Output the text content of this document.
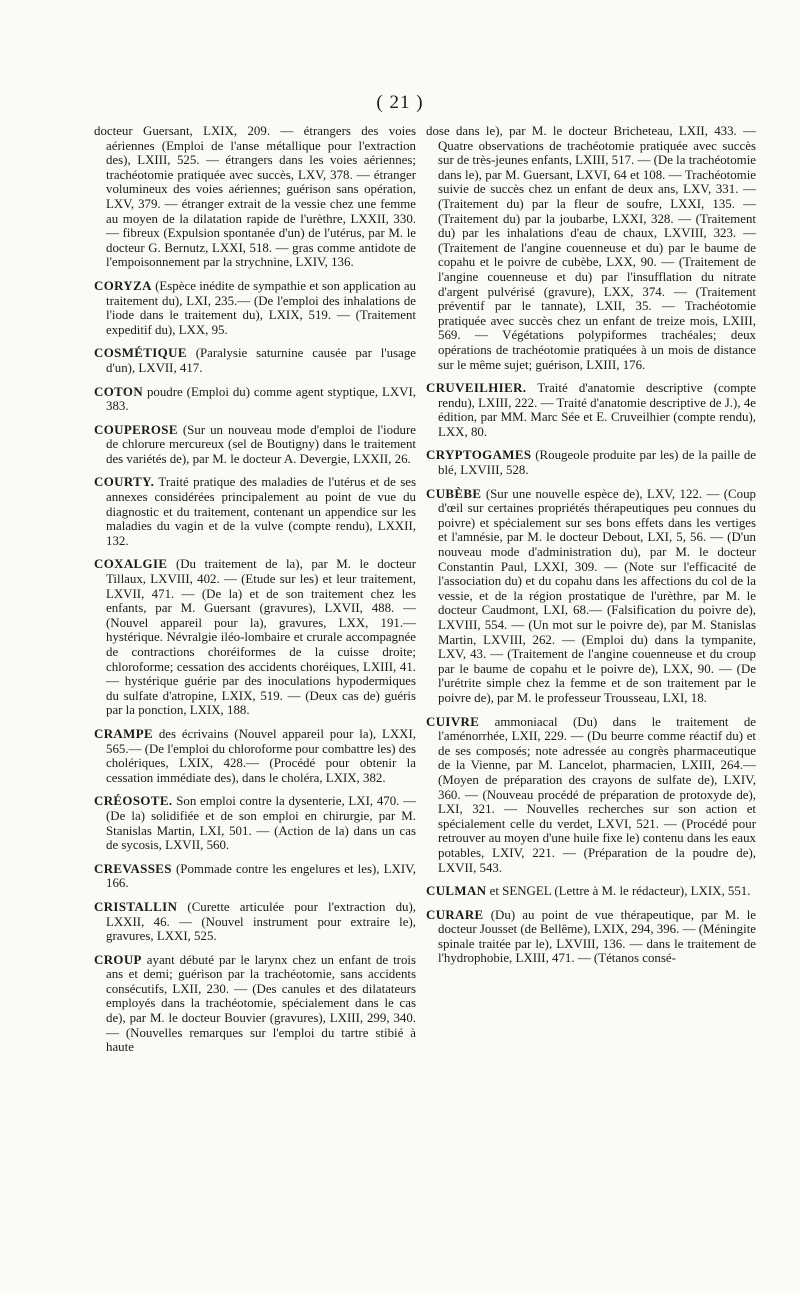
( 21 )

docteur Guersant, LXIX, 209. — étrangers des voies aériennes (Emploi de l'anse métallique pour l'extraction des), LXIII, 525. — étrangers dans les voies aériennes; trachéotomie pratiquée avec succès, LXV, 378. — étranger volumineux des voies aériennes; guérison sans opération, LXV, 379. — étranger extrait de la vessie chez une femme au moyen de la dilatation rapide de l'urèthre, LXXII, 330. — fibreux (Expulsion spontanée d'un) de l'utérus, par M. le docteur G. Bernutz, LXXI, 518. — gras comme antidote de l'empoisonnement par la strychnine, LXIV, 136.

CORYZA (Espèce inédite de sympathie et son application au traitement du), LXI, 235.— (De l'emploi des inhalations de l'iode dans le traitement du), LXIX, 519. — (Traitement expeditif du), LXX, 95.

COSMÉTIQUE (Paralysie saturnine causée par l'usage d'un), LXVII, 417.

COTON poudre (Emploi du) comme agent styptique, LXVI, 383.

COUPEROSE (Sur un nouveau mode d'emploi de l'iodure de chlorure mercureux (sel de Boutigny) dans le traitement des variétés de), par M. le docteur A. Devergie, LXXII, 26.

COURTY. Traité pratique des maladies de l'utérus et de ses annexes considérées principalement au point de vue du diagnostic et du traitement, contenant un appendice sur les maladies du vagin et de la vulve (compte rendu), LXXII, 132.

COXALGIE (Du traitement de la), par M. le docteur Tillaux, LXVIII, 402. — (Etude sur les) et leur traitement, LXVII, 471. — (De la) et de son traitement chez les enfants, par M. Guersant (gravures), LXVII, 488. — (Nouvel appareil pour la), gravures, LXX, 191.— hystérique. Névralgie iléo-lombaire et crurale accompagnée de contractions choréiformes de la cuisse droite; chloroforme; cessation des accidents choréiques, LXIII, 41. — hystérique guérie par des inoculations hypodermiques du sulfate d'atropine, LXIX, 519. — (Deux cas de) guéris par la ponction, LXIX, 188.

CRAMPE des écrivains (Nouvel appareil pour la), LXXI, 565.— (De l'emploi du chloroforme pour combattre les) des cholériques, LXIX, 428.— (Procédé pour obtenir la cessation immédiate des), dans le choléra, LXIX, 382.

CRÉOSOTE. Son emploi contre la dysenterie, LXI, 470. — (De la) solidifiée et de son emploi en chirurgie, par M. Stanislas Martin, LXI, 501. — (Action de la) dans un cas de sycosis, LXVII, 560.

CREVASSES (Pommade contre les engelures et les), LXIV, 166.

CRISTALLIN (Curette articulée pour l'extraction du), LXXII, 46. — (Nouvel instrument pour extraire le), gravures, LXXI, 525.

CROUP ayant débuté par le larynx chez un enfant de trois ans et demi; guérison par la trachéotomie, sans accidents consécutifs, LXII, 230. — (Des canules et des dilatateurs employés dans la trachéotomie, spécialement dans le cas de), par M. le docteur Bouvier (gravures), LXIII, 299, 340. — (Nouvelles remarques sur l'emploi du tartre stibié à haute

dose dans le), par M. le docteur Bricheteau, LXII, 433. — Quatre observations de trachéotomie pratiquée avec succès sur de très-jeunes enfants, LXIII, 517. — (De la trachéotomie dans le), par M. Guersant, LXVI, 64 et 108. — Trachéotomie suivie de succès chez un enfant de deux ans, LXV, 331. — (Traitement du) par la fleur de soufre, LXXI, 135. — (Traitement du) par la joubarbe, LXXI, 328. — (Traitement du) par les inhalations d'eau de chaux, LXVIII, 323. — (Traitement de l'angine couenneuse et du) par le baume de copahu et le poivre de cubèbe, LXX, 90. — (Traitement de l'angine couenneuse et du) par l'insufflation du nitrate d'argent pulvérisé (gravure), LXX, 374. — (Traitement préventif par le tannate), LXII, 35. — Trachéotomie pratiquée avec succès chez un enfant de treize mois, LXIII, 569. — Végétations polypiformes trachéales; deux opérations de trachéotomie pratiquées à un mois de distance sur le même sujet; guérison, LXIII, 176.

CRUVEILHIER. Traité d'anatomie descriptive (compte rendu), LXIII, 222. — Traité d'anatomie descriptive de J.), 4e édition, par MM. Marc Sée et E. Cruveilhier (compte rendu), LXX, 80.

CRYPTOGAMES (Rougeole produite par les) de la paille de blé, LXVIII, 528.

CUBÈBE (Sur une nouvelle espèce de), LXV, 122. — (Coup d'œil sur certaines propriétés thérapeutiques peu connues du poivre) et spécialement sur ses bons effets dans les vertiges et l'amnésie, par M. le docteur Debout, LXI, 5, 56. — (D'un nouveau mode d'administration du), par M. le docteur Constantin Paul, LXXI, 309. — (Note sur l'efficacité de l'association du) et du copahu dans les affections du col de la vessie, et de la région prostatique de l'urèthre, par M. le docteur Caudmont, LXI, 68.— (Falsification du poivre de), LXVIII, 554. — (Un mot sur le poivre de), par M. Stanislas Martin, LXVIII, 262. — (Emploi du) dans la tympanite, LXV, 43. — (Traitement de l'angine couenneuse et du croup par le baume de copahu et le poivre de), LXX, 90. — (De l'urétrite simple chez la femme et de son traitement par le poivre de), par M. le professeur Trousseau, LXI, 18.

CUIVRE ammoniacal (Du) dans le traitement de l'aménorrhée, LXII, 229. — (Du beurre comme réactif du) et de ses composés; note adressée au congrès pharmaceutique de la Vienne, par M. Lancelot, pharmacien, LXIII, 264.— (Moyen de préparation des crayons de sulfate de), LXIV, 360. — (Nouveau procédé de préparation de protoxyde de), LXI, 321. — Nouvelles recherches sur son action et spécialement celle du verdet, LXVI, 521. — (Procédé pour retrouver au moyen d'une huile fixe le) contenu dans les eaux potables, LXIV, 221. — (Préparation de la poudre de), LXVII, 543.

CULMAN et SENGEL (Lettre à M. le rédacteur), LXIX, 551.

CURARE (Du) au point de vue thérapeutique, par M. le docteur Jousset (de Bellême), LXIX, 294, 396. — (Méningite spinale traitée par le), LXVIII, 136. — dans le traitement de l'hydrophobie, LXIII, 471. — (Tétanos consé-
